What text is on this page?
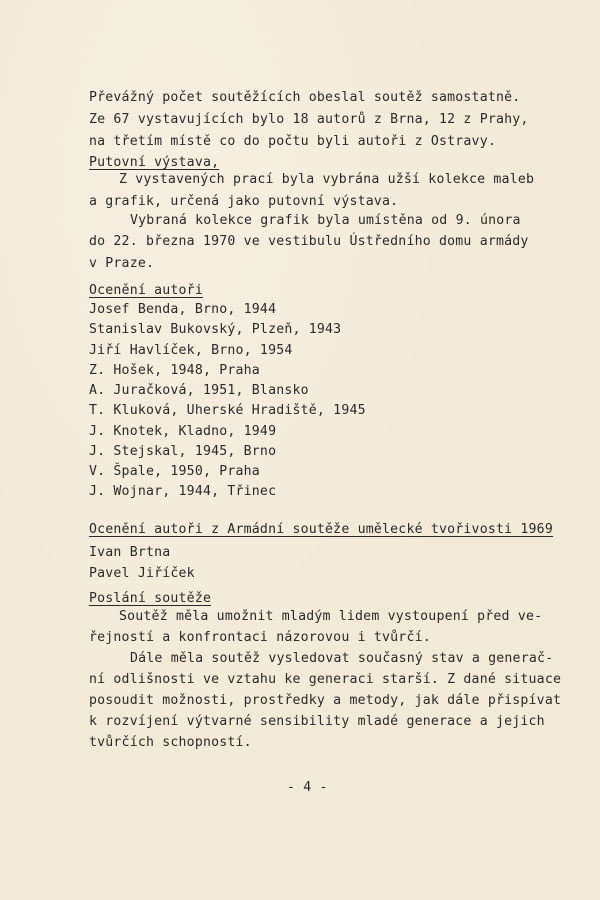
Převážný počet soutěžících obeslal soutěž samostatně.
Ze 67 vystavujících bylo 18 autorů z Brna, 12 z Prahy,
na třetím místě co do počtu byli autoři z Ostravy.
Putovní výstava,
Z vystavených prací byla vybrána užší kolekce maleb
a grafik, určená jako putovní výstava.
Vybraná kolekce grafik byla umístěna od 9. února
do 22. března 1970 ve vestibulu Ústředního domu armády
v Praze.
Ocenění autoři
Josef Benda, Brno, 1944
Stanislav Bukovský, Plzeň, 1943
Jiří Havlíček, Brno, 1954
Z. Hošek, 1948, Praha
A. Juračková, 1951, Blansko
T. Kluková, Uherské Hradiště, 1945
J. Knotek, Kladno, 1949
J. Stejskal, 1945, Brno
V. Špale, 1950, Praha
J. Wojnar, 1944, Třinec
Ocenění autoři z Armádní soutěže umělecké tvořivosti 1969
Ivan Brtna
Pavel Jiříček
Poslání soutěže
Soutěž měla umožnit mladým lidem vystoupení před ve-
řejností a konfrontaci názorovou i tvůrčí.
Dále měla soutěž vysledovat současný stav a generač-
ní odlišnosti ve vztahu ke generaci starší. Z dané situace
posoudit možnosti, prostředky a metody, jak dále přispívat
k rozvíjení výtvarné sensibility mladé generace a jejich
tvůrčích schopností.
- 4 -
